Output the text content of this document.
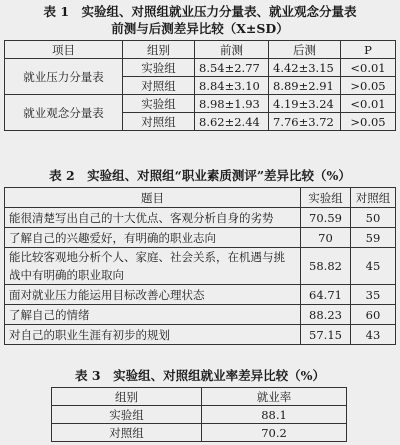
表 1　实验组、对照组就业压力分量表、就业观念分量表
前测与后测差异比较（X±SD）
项目	组别	前测	后测	P
就业压力分量表	实验组	8.54±2.77	4.42±3.15	<0.01
	对照组	8.84±3.10	8.89±2.91	>0.05
就业观念分量表	实验组	8.98±1.93	4.19±3.24	<0.01
	对照组	8.62±2.44	7.76±3.72	>0.05
表 2　实验组、对照组“职业素质测评”差异比较（%）
题目	实验组	对照组
能很清楚写出自己的十大优点、客观分析自身的劣势	70.59	50
了解自己的兴趣爱好，有明确的职业志向	70	59
能比较客观地分析个人、家庭、社会关系，在机遇与挑战中有明确的职业取向	58.82	45
面对就业压力能运用目标改善心理状态	64.71	35
了解自己的情绪	88.23	60
对自己的职业生涯有初步的规划	57.15	43
表 3　实验组、对照组就业率差异比较（%）
组别	就业率
实验组	88.1
对照组	70.2
